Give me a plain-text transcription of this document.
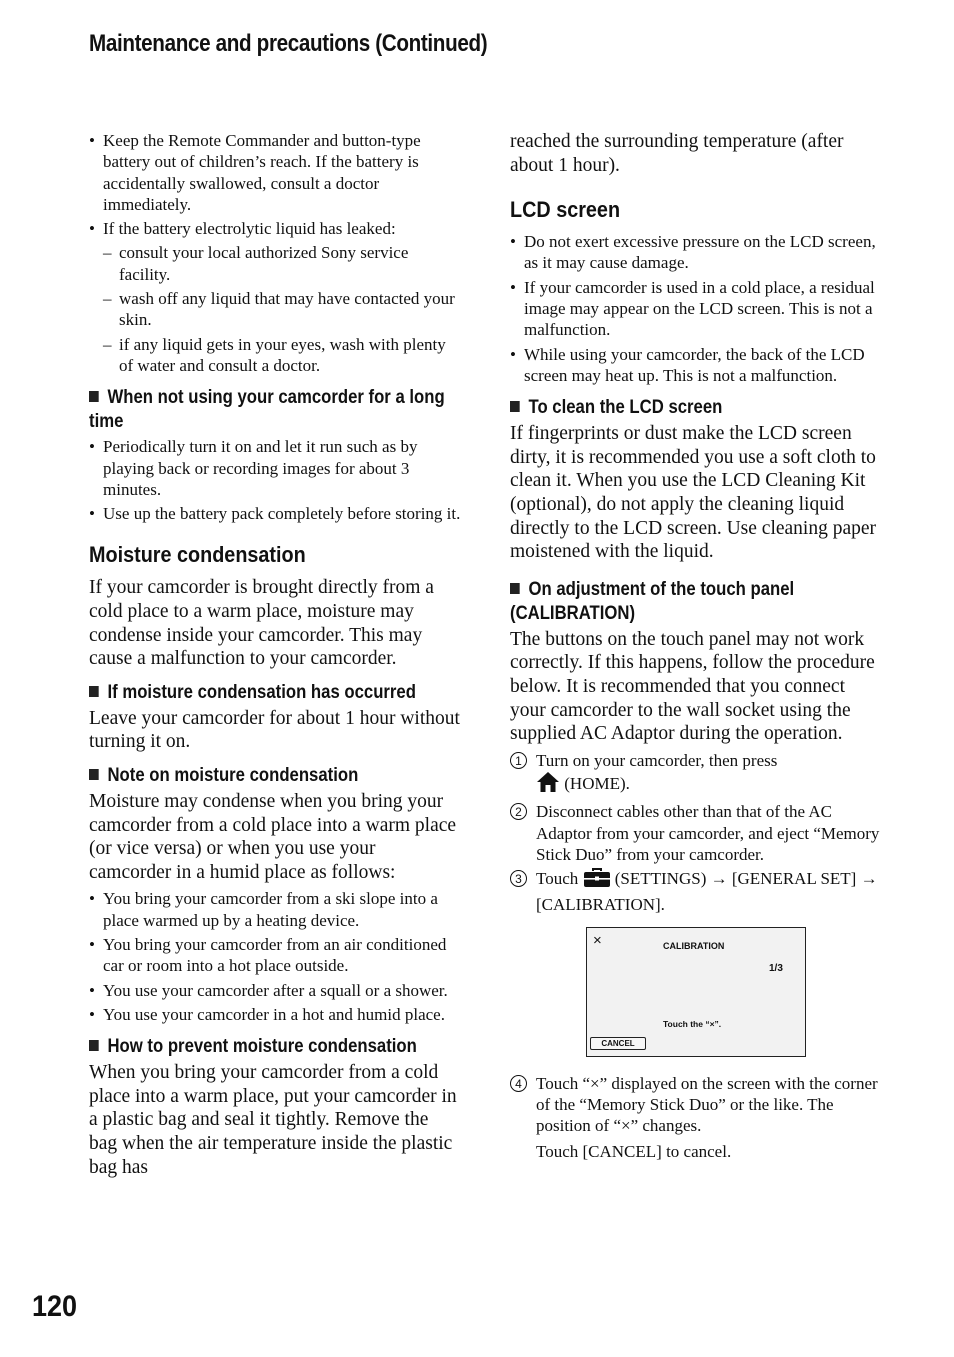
Maintenance and precautions (Continued)
• Keep the Remote Commander and button-type battery out of children’s reach. If the battery is accidentally swallowed, consult a doctor immediately.
• If the battery electrolytic liquid has leaked:
– consult your local authorized Sony service facility.
– wash off any liquid that may have contacted your skin.
– if any liquid gets in your eyes, wash with plenty of water and consult a doctor.
When not using your camcorder for a long time
• Periodically turn it on and let it run such as by playing back or recording images for about 3 minutes.
• Use up the battery pack completely before storing it.
Moisture condensation

If your camcorder is brought directly from a cold place to a warm place, moisture may condense inside your camcorder. This may cause a malfunction to your camcorder.

If moisture condensation has occurred

Leave your camcorder for about 1 hour without turning it on.

Note on moisture condensation

Moisture may condense when you bring your camcorder from a cold place into a warm place (or vice versa) or when you use your camcorder in a humid place as follows:

• You bring your camcorder from a ski slope into a place warmed up by a heating device.
• You bring your camcorder from an air conditioned car or room into a hot place outside.
• You use your camcorder after a squall or a shower.
• You use your camcorder in a hot and humid place.
How to prevent moisture condensation

When you bring your camcorder from a cold place into a warm place, put your camcorder in a plastic bag and seal it tightly. Remove the bag when the air temperature inside the plastic bag has

reached the surrounding temperature (after about 1 hour).

LCD screen
• Do not exert excessive pressure on the LCD screen, as it may cause damage.
• If your camcorder is used in a cold place, a residual image may appear on the LCD screen. This is not a malfunction.
• While using your camcorder, the back of the LCD screen may heat up. This is not a malfunction.
To clean the LCD screen

If fingerprints or dust make the LCD screen dirty, it is recommended you use a soft cloth to clean it. When you use the LCD Cleaning Kit (optional), do not apply the cleaning liquid directly to the LCD screen. Use cleaning paper moistened with the liquid.

On adjustment of the touch panel (CALIBRATION)

The buttons on the touch panel may not work correctly. If this happens, follow the procedure below. It is recommended that you connect your camcorder to the wall socket using the supplied AC Adaptor during the operation.

1 Turn on your camcorder, then press
(HOME).
2 Disconnect cables other than that of the AC Adaptor from your camcorder, and eject “Memory Stick Duo” from your camcorder.
3 Touch (SETTINGS) → [GENERAL SET] → [CALIBRATION].
×	CALIBRATION
1/3
Touch the “×”.
CANCEL
4 Touch “×” displayed on the screen with the corner of the “Memory Stick Duo” or the like. The position of “×” changes.
Touch [CANCEL] to cancel.
120
